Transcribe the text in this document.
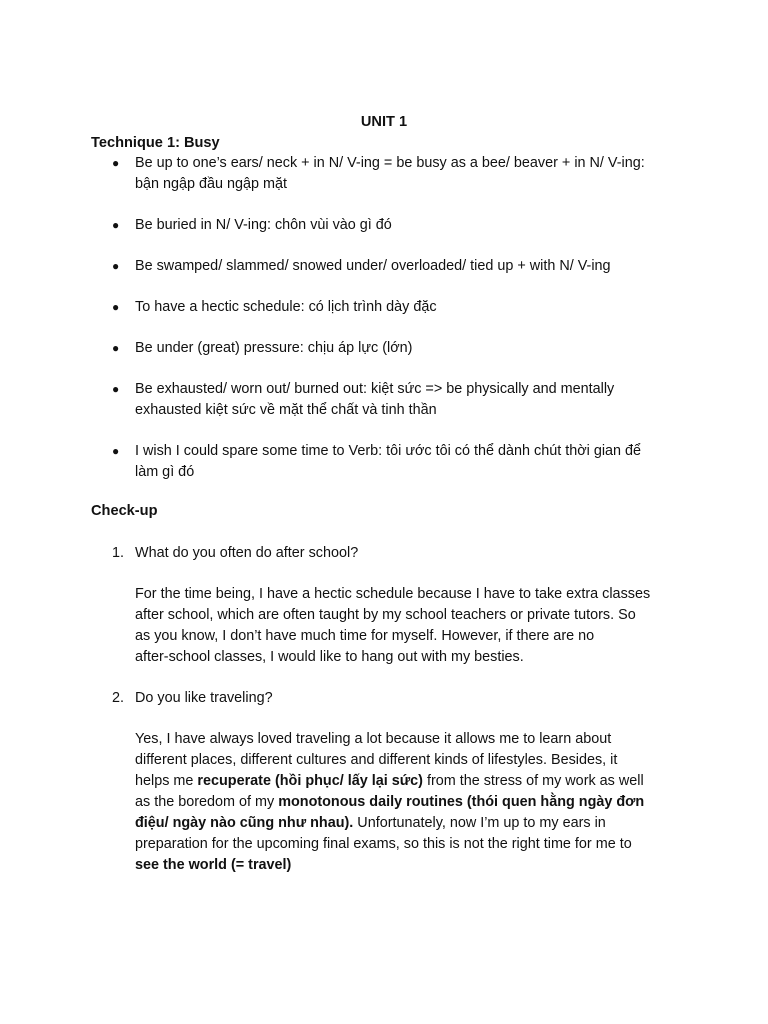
UNIT 1
Technique 1: Busy
● Be up to one’s ears/ neck + in N/ V-ing = be busy as a bee/ beaver + in N/ V-ing:
bận ngập đầu ngập mặt
● Be buried in N/ V-ing: chôn vùi vào gì đó
● Be swamped/ slammed/ snowed under/ overloaded/ tied up + with N/ V-ing
● To have a hectic schedule: có lịch trình dày đặc
● Be under (great) pressure: chịu áp lực (lớn)
● Be exhausted/ worn out/ burned out: kiệt sức => be physically and mentally
exhausted kiệt sức về mặt thể chất và tinh thần
● I wish I could spare some time to Verb: tôi ước tôi có thể dành chút thời gian để
làm gì đó
Check-up
1. What do you often do after school?
For the time being, I have a hectic schedule because I have to take extra classes
after school, which are often taught by my school teachers or private tutors. So
as you know, I don’t have much time for myself. However, if there are no
after-school classes, I would like to hang out with my besties.
2. Do you like traveling?
Yes, I have always loved traveling a lot because it allows me to learn about
different places, different cultures and different kinds of lifestyles. Besides, it
helps me recuperate (hồi phục/ lấy lại sức) from the stress of my work as well
as the boredom of my monotonous daily routines (thói quen hằng ngày đơn
điệu/ ngày nào cũng như nhau). Unfortunately, now I’m up to my ears in
preparation for the upcoming final exams, so this is not the right time for me to
see the world (= travel)
